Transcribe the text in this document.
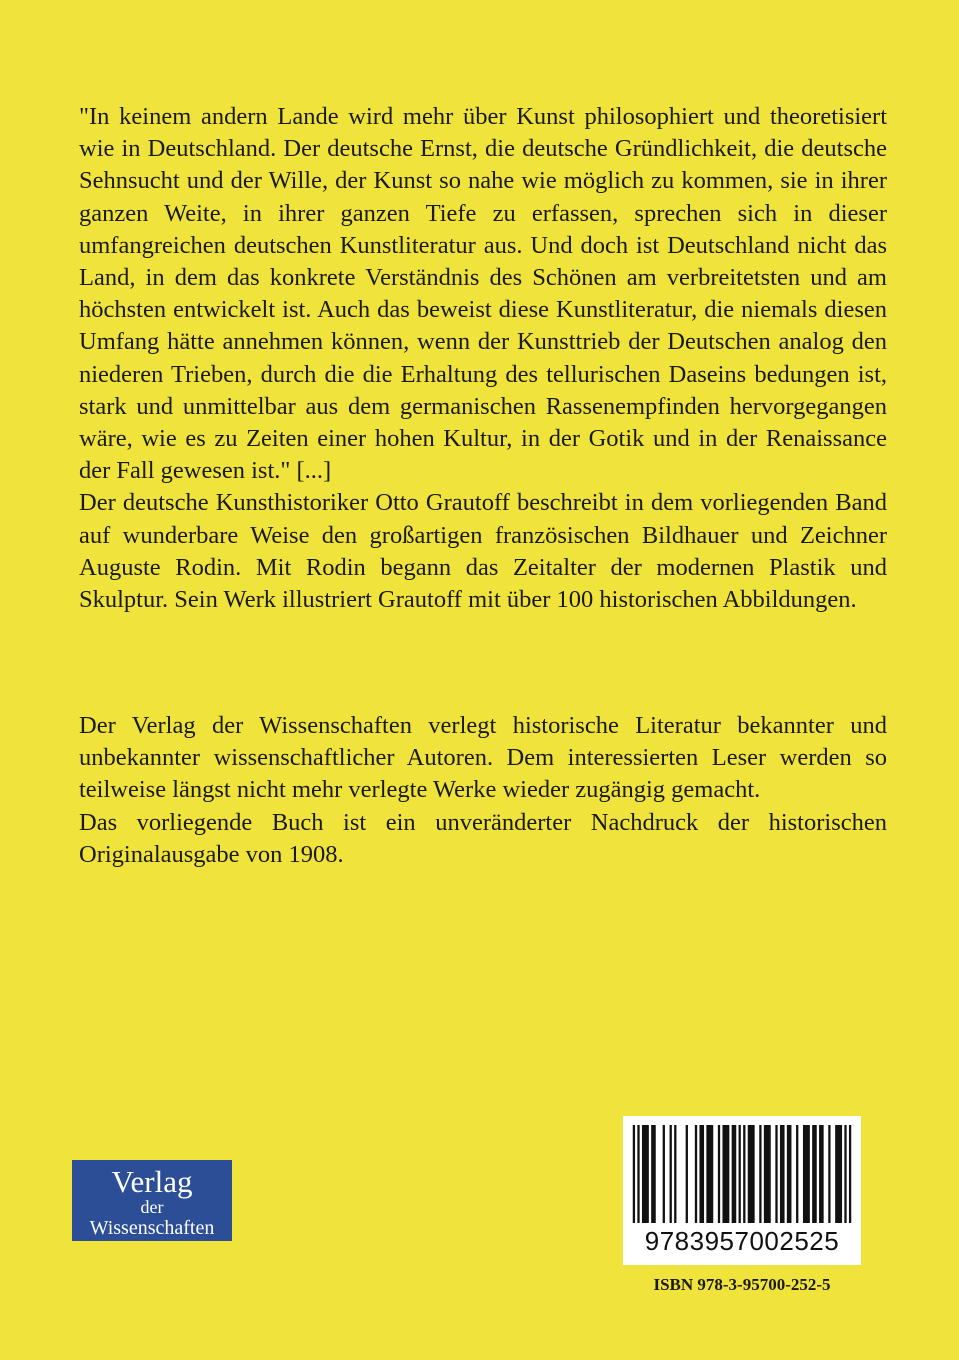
"In keinem andern Lande wird mehr über Kunst philosophiert und theoretisiert wie in Deutschland. Der deutsche Ernst, die deutsche Gründlichkeit, die deutsche Sehnsucht und der Wille, der Kunst so nahe wie möglich zu kommen, sie in ihrer ganzen Weite, in ihrer ganzen Tiefe zu erfassen, sprechen sich in dieser umfangreichen deutschen Kunstliteratur aus. Und doch ist Deutschland nicht das Land, in dem das konkrete Verständnis des Schönen am verbreitetsten und am höchsten entwickelt ist. Auch das beweist diese Kunstliteratur, die niemals diesen Umfang hätte annehmen können, wenn der Kunsttrieb der Deutschen analog den niederen Trieben, durch die die Erhaltung des tellurischen Daseins bedungen ist, stark und unmittelbar aus dem germanischen Rassenempfinden hervorgegangen wäre, wie es zu Zeiten einer hohen Kultur, in der Gotik und in der Renaissance der Fall gewesen ist." [...]

Der deutsche Kunsthistoriker Otto Grautoff beschreibt in dem vorliegenden Band auf wunderbare Weise den großartigen französischen Bildhauer und Zeichner Auguste Rodin. Mit Rodin begann das Zeitalter der modernen Plastik und Skulptur. Sein Werk illustriert Grautoff mit über 100 historischen Abbildungen.

Der Verlag der Wissenschaften verlegt historische Literatur bekannter und unbekannter wissenschaftlicher Autoren. Dem interessierten Leser werden so teilweise längst nicht mehr verlegte Werke wieder zugängig gemacht.

Das vorliegende Buch ist ein unveränderter Nachdruck der historischen Originalausgabe von 1908.

Verlag
der
Wissenschaften	9783957002525
ISBN 978-3-95700-252-5
